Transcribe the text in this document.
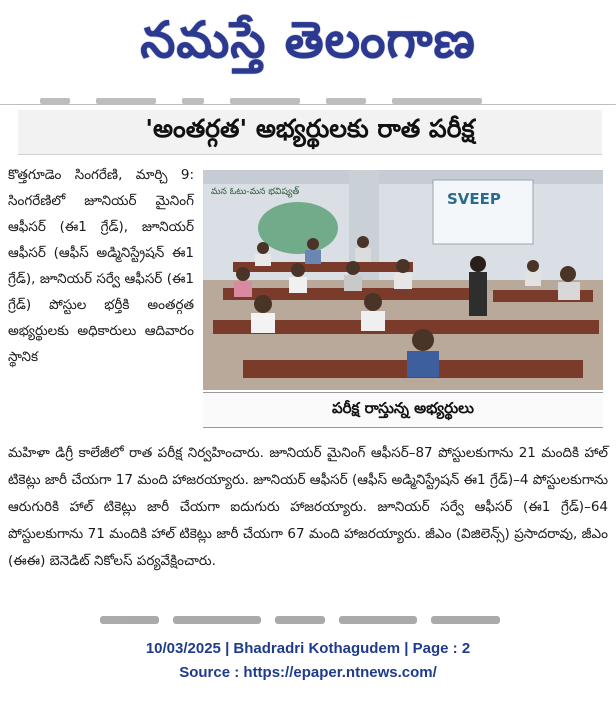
నమస్తే తెలంగాణ
'అంతర్గత' అభ్యర్థులకు రాత పరీక్ష

కొత్తగూడెం సింగరేణి, మార్చి 9: సింగరేణిలో జూనియర్ మైనింగ్ ఆఫీసర్ (ఈ1 గ్రేడ్), జూనియర్ ఆఫీసర్ (ఆఫీస్ అడ్మినిస్ట్రేషన్ ఈ1 గ్రేడ్), జూనియర్ సర్వే ఆఫీసర్ (ఈ1 గ్రేడ్) పోస్టుల భర్తీకి అంతర్గత అభ్యర్థులకు అధికారులు ఆదివారం స్థానిక

మన ఓటు-మన భవిష్యత్	SVEEP
పరీక్ష రాస్తున్న అభ్యర్థులు

మహిళా డిగ్రీ కాలేజీలో రాత పరీక్ష నిర్వహించారు. జూనియర్ మైనింగ్ ఆఫీసర్–87 పోస్టులకుగాను 21 మందికి హాల్ టికెట్లు జారీ చేయగా 17 మంది హాజరయ్యారు. జూనియర్ ఆఫీసర్ (ఆఫీస్ అడ్మినిస్ట్రేషన్ ఈ1 గ్రేడ్)–4 పోస్టులకుగాను ఆరుగురికి హాల్ టికెట్లు జారీ చేయగా ఐదుగురు హాజరయ్యారు. జూనియర్ సర్వే ఆఫీసర్ (ఈ1 గ్రేడ్)–64 పోస్టులకుగాను 71 మందికి హాల్ టికెట్లు జారీ చేయగా 67 మంది హాజరయ్యారు. జీఎం (విజిలెన్స్) ప్రసాదరావు, జీఎం (ఈఈ) బెనెడిట్ నికోలస్ పర్యవేక్షించారు.

10/03/2025 | Bhadradri Kothagudem | Page : 2
Source : https://epaper.ntnews.com/
